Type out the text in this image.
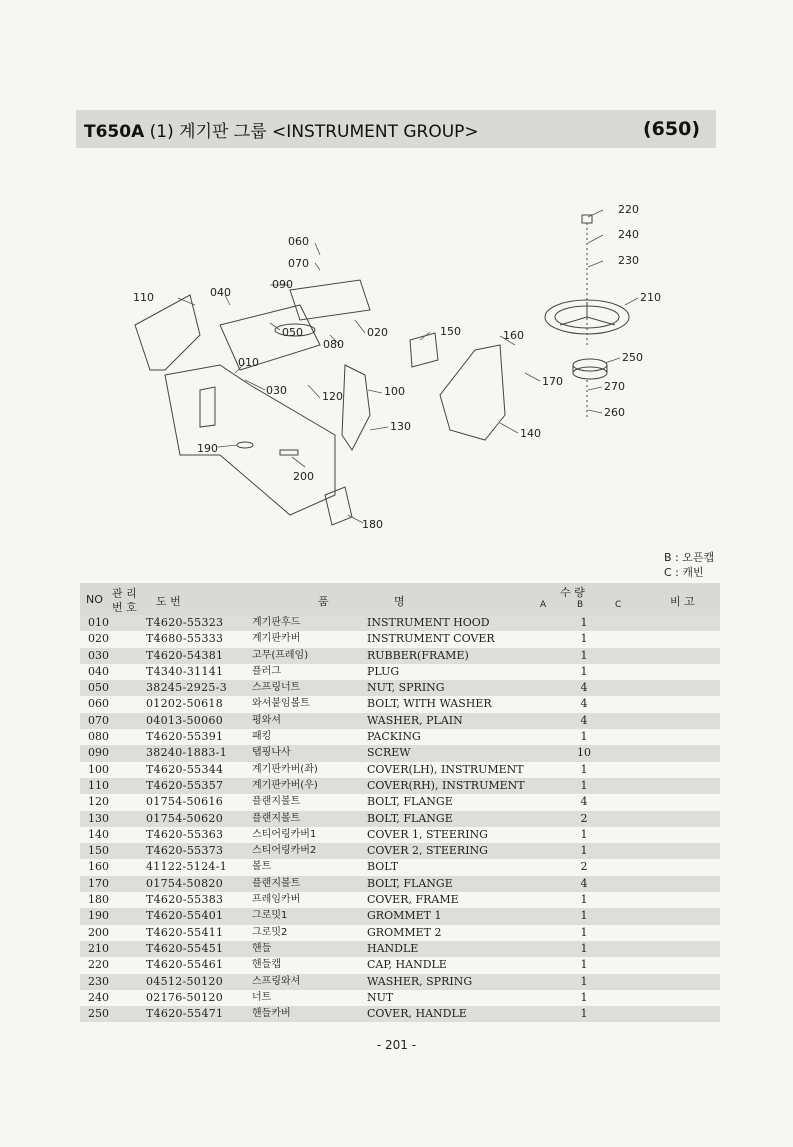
T650A (1) 계기판 그룹 <INSTRUMENT GROUP>	(650)
220
240
230
210
250
270
260
060
070
090
040
110
050	020
080
150	160
010
030	120	100
170
130
140
190
200
180
B : 오픈캡
C : 캐빈
NO 관 리
번 호 도 번	품	명
수 량
A	B	C	비 고
010	T4620-55323	계기판후드	INSTRUMENT HOOD	1
020	T4680-55333	계기판카버	INSTRUMENT COVER	1
030	T4620-54381	고무(프레임)	RUBBER(FRAME)	1
040	T4340-31141	플러그	PLUG	1
050	38245-2925-3 스프링너트	NUT, SPRING	4
060	01202-50618	와셔붙임볼트	BOLT, WITH WASHER	4
070	04013-50060	평와셔	WASHER, PLAIN	4
080	T4620-55391	패킹	PACKING	1
090	38240-1883-1 탭핑나사	SCREW	10
100	T4620-55344	계기판카버(좌)	COVER(LH), INSTRUMENT	1
110	T4620-55357	계기판카버(우)	COVER(RH), INSTRUMENT	1
120	01754-50616	플랜지볼트	BOLT, FLANGE	4
130	01754-50620	플랜지볼트	BOLT, FLANGE	2
140	T4620-55363	스티어링카버1	COVER 1, STEERING	1
150	T4620-55373	스티어링카버2	COVER 2, STEERING	1
160	41122-5124-1 볼트	BOLT	2
170	01754-50820	플랜지볼트	BOLT, FLANGE	4
180	T4620-55383	프레임카버	COVER, FRAME	1
190	T4620-55401	그로밋1	GROMMET 1	1
200	T4620-55411	그로밋2	GROMMET 2	1
210	T4620-55451	핸들	HANDLE	1
220	T4620-55461	핸들캡	CAP, HANDLE	1
230	04512-50120	스프링와셔	WASHER, SPRING	1
240	02176-50120	너트	NUT	1
250	T4620-55471	핸들카버	COVER, HANDLE	1
- 201 -
